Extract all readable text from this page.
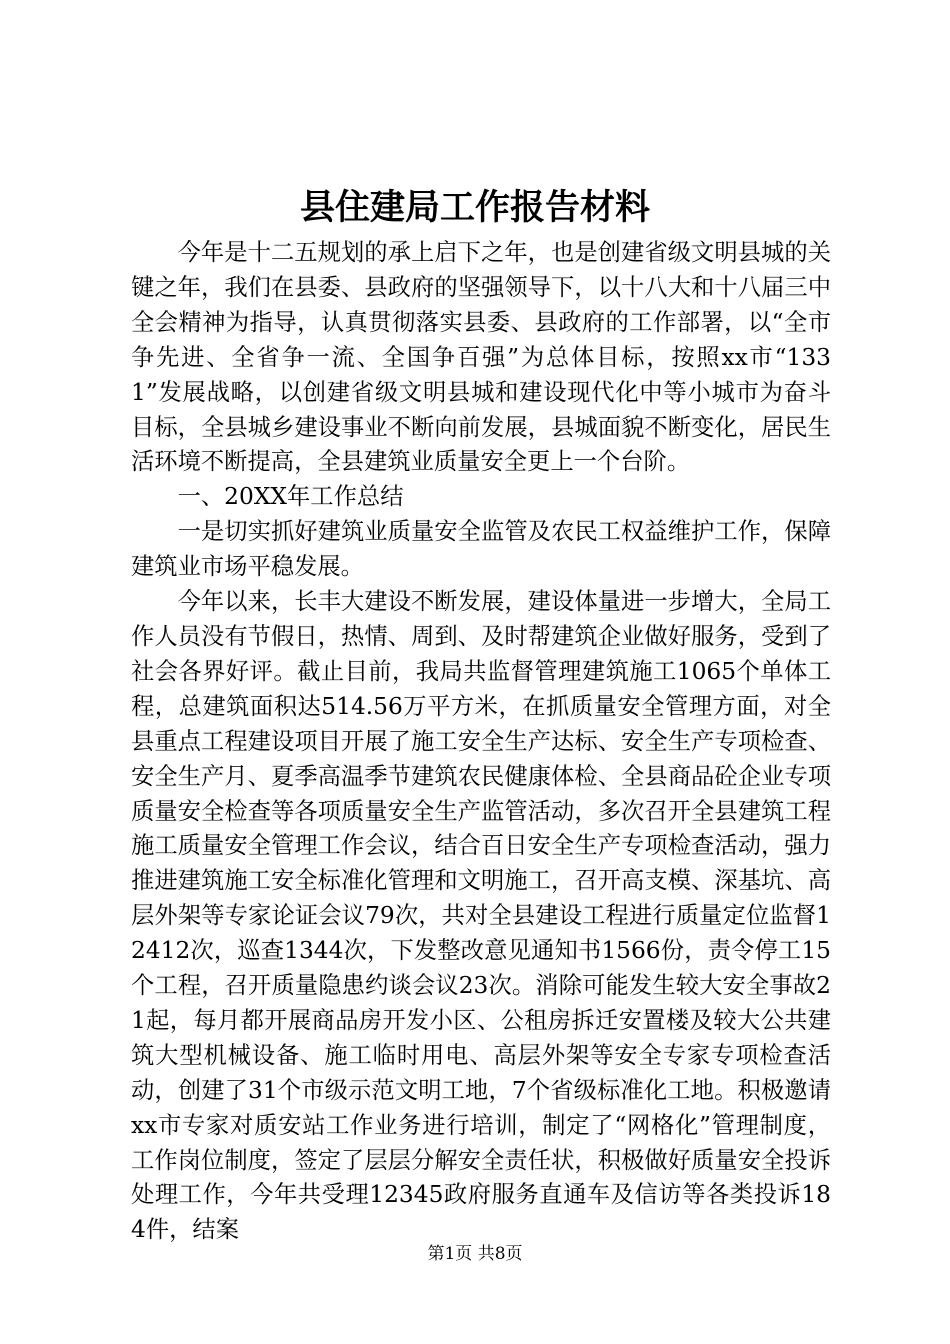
县住建局工作报告材料

今年是十二五规划的承上启下之年，也是创建省级文明县城的关键之年，我们在县委、县政府的坚强领导下，以十八大和十八届三中全会精神为指导，认真贯彻落实县委、县政府的工作部署，以“全市争先进、全省争一流、全国争百强”为总体目标，按照xx市“1331”发展战略，以创建省级文明县城和建设现代化中等小城市为奋斗目标，全县城乡建设事业不断向前发展，县城面貌不断变化，居民生活环境不断提高，全县建筑业质量安全更上一个台阶。

一、20XX年工作总结

一是切实抓好建筑业质量安全监管及农民工权益维护工作，保障建筑业市场平稳发展。

今年以来，长丰大建设不断发展，建设体量进一步增大，全局工作人员没有节假日，热情、周到、及时帮建筑企业做好服务，受到了社会各界好评。截止目前，我局共监督管理建筑施工1065个单体工程，总建筑面积达514.56万平方米，在抓质量安全管理方面，对全县重点工程建设项目开展了施工安全生产达标、安全生产专项检查、安全生产月、夏季高温季节建筑农民健康体检、全县商品砼企业专项质量安全检查等各项质量安全生产监管活动，多次召开全县建筑工程施工质量安全管理工作会议，结合百日安全生产专项检查活动，强力推进建筑施工安全标准化管理和文明施工，召开高支模、深基坑、高层外架等专家论证会议79次，共对全县建设工程进行质量定位监督12412次，巡查1344次，下发整改意见通知书1566份，责令停工15个工程，召开质量隐患约谈会议23次。消除可能发生较大安全事故21起，每月都开展商品房开发小区、公租房拆迁安置楼及较大公共建筑大型机械设备、施工临时用电、高层外架等安全专家专项检查活动，创建了31个市级示范文明工地，7个省级标准化工地。积极邀请xx市专家对质安站工作业务进行培训，制定了“网格化”管理制度，工作岗位制度，签定了层层分解安全责任状，积极做好质量安全投诉处理工作，今年共受理12345政府服务直通车及信访等各类投诉184件，结案

第1页 共8页
